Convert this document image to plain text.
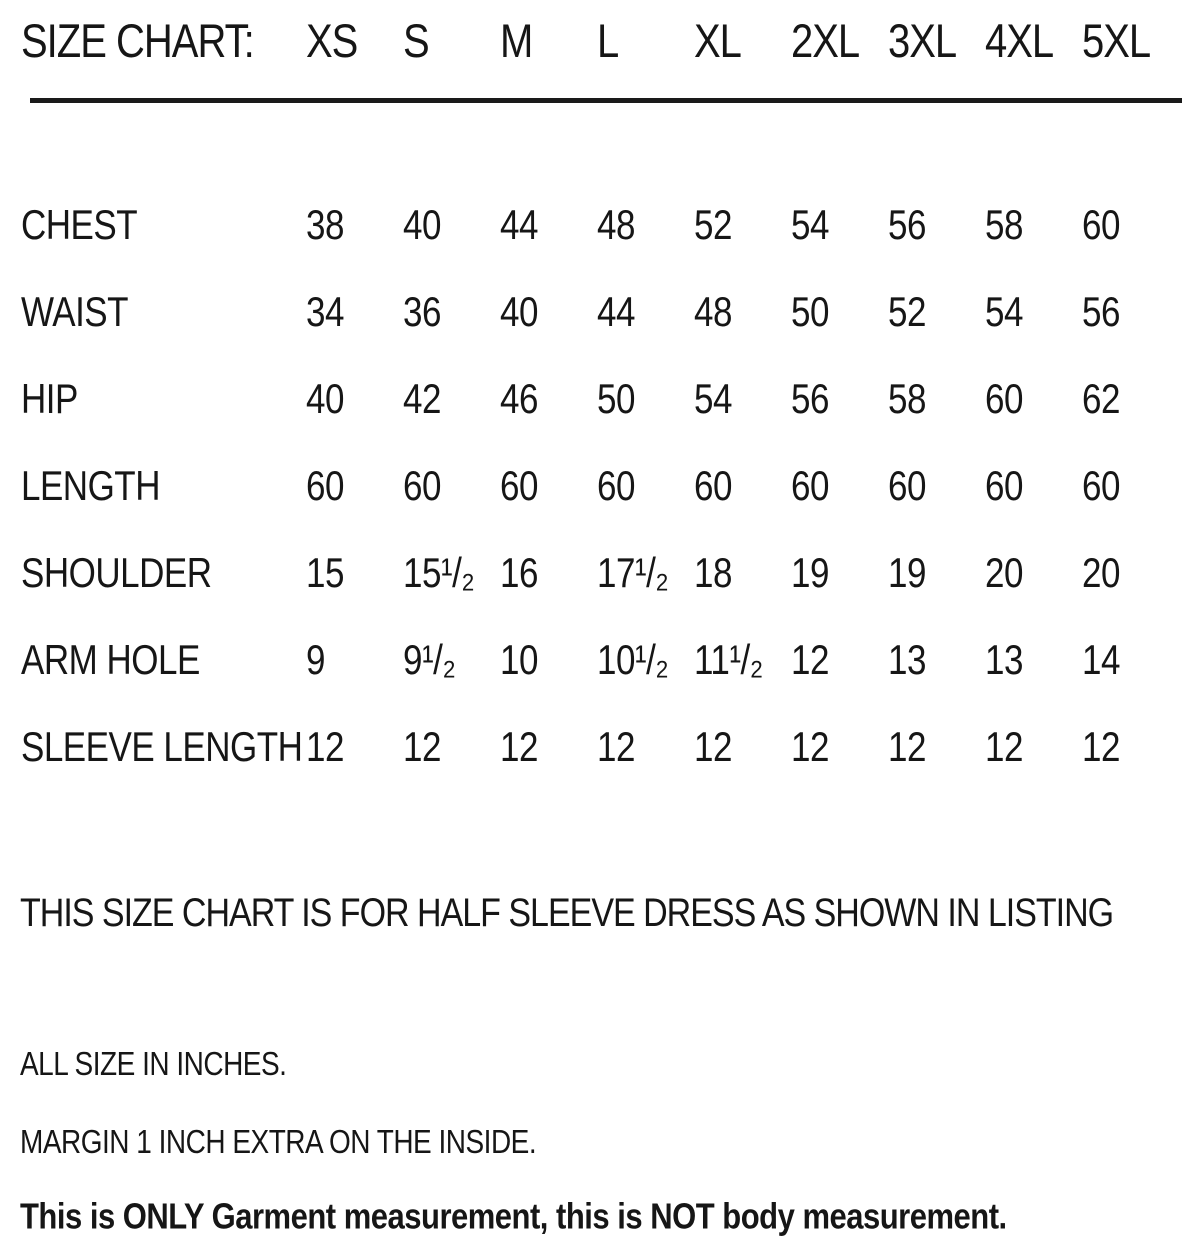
SIZE CHART:	XS	S	M	L	XL	2XL 3XL 4XL 5XL
CHEST	38	40	44	48	52	54	56	58	60
WAIST	34	36	40	44	48	50	52	54	56
HIP	40	42	46	50	54	56	58	60	62
LENGTH	60	60	60	60	60	60	60	60	60
SHOULDER	15	15¹/₂ 16	17¹/₂ 18	19	19	20	20
ARM HOLE	9	9¹/₂	10	10¹/₂ 11¹/₂ 12	13	13	14
SLEEVE LENGTH 12	12	12	12	12	12	12	12	12
THIS SIZE CHART IS FOR HALF SLEEVE DRESS AS SHOWN IN LISTING
ALL SIZE IN INCHES.
MARGIN 1 INCH EXTRA ON THE INSIDE.
This is ONLY Garment measurement, this is NOT body measurement.
